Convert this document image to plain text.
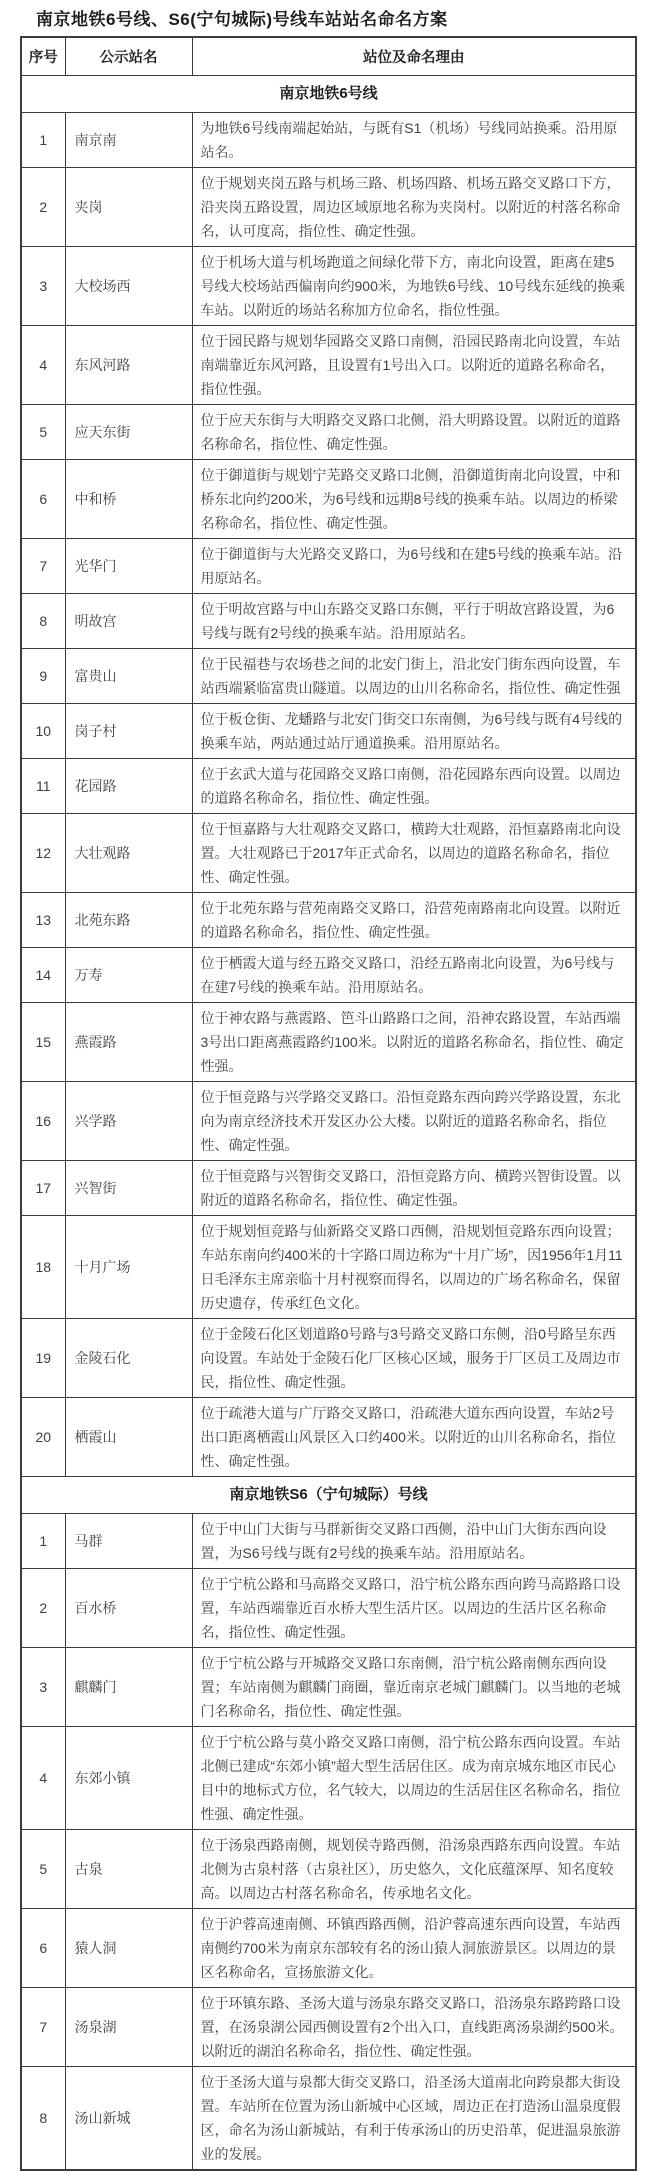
南京地铁6号线、S6(宁句城际)号线车站站名命名方案
序号	公示站名	站位及命名理由
南京地铁6号线		
1	南京南	为地铁6号线南端起始站，与既有S1（机场）号线同站换乘。沿用原站名。
2	夹岗	位于规划夹岗五路与机场三路、机场四路、机场五路交叉路口下方，沿夹岗五路设置，周边区域原地名称为夹岗村。以附近的村落名称命名，认可度高，指位性、确定性强。
3	大校场西	位于机场大道与机场跑道之间绿化带下方，南北向设置，距离在建5号线大校场站西偏南向约900米，为地铁6号线、10号线东延线的换乘车站。以附近的场站名称加方位命名，指位性强。
4	东风河路	位于园民路与规划华园路交叉路口南侧，沿园民路南北向设置，车站南端靠近东风河路，且设置有1号出入口。以附近的道路名称命名，指位性强。
5	应天东街	位于应天东街与大明路交叉路口北侧，沿大明路设置。以附近的道路名称命名，指位性、确定性强。
6	中和桥	位于御道街与规划宁芜路交叉路口北侧，沿御道街南北向设置，中和桥东北向约200米，为6号线和远期8号线的换乘车站。以周边的桥梁名称命名，指位性、确定性强。
7	光华门	位于御道街与大光路交叉路口，为6号线和在建5号线的换乘车站。沿用原站名。
8	明故宫	位于明故宫路与中山东路交叉路口东侧，平行于明故宫路设置，为6号线与既有2号线的换乘车站。沿用原站名。
9	富贵山	位于民福巷与农场巷之间的北安门街上，沿北安门街东西向设置，车站西端紧临富贵山隧道。以周边的山川名称命名，指位性、确定性强
10	岗子村	位于板仓街、龙蟠路与北安门街交口东南侧，为6号线与既有4号线的换乘车站，两站通过站厅通道换乘。沿用原站名。
11	花园路	位于玄武大道与花园路交叉路口南侧，沿花园路东西向设置。以周边的道路名称命名，指位性、确定性强。
12	大壮观路	位于恒嘉路与大壮观路交叉路口，横跨大壮观路，沿恒嘉路南北向设置。大壮观路已于2017年正式命名，以周边的道路名称命名，指位性、确定性强。
13	北苑东路	位于北苑东路与营苑南路交叉路口，沿营苑南路南北向设置。以附近的道路名称命名，指位性、确定性强。
14	万寿	位于栖霞大道与经五路交叉路口，沿经五路南北向设置，为6号线与在建7号线的换乘车站。沿用原站名。
15	燕霞路	位于神农路与燕霞路、笆斗山路路口之间，沿神农路设置，车站西端3号出口距离燕霞路约100米。以附近的道路名称命名，指位性、确定性强。
16	兴学路	位于恒竞路与兴学路交叉路口。沿恒竞路东西向跨兴学路设置，东北向为南京经济技术开发区办公大楼。以附近的道路名称命名，指位性、确定性强。
17	兴智街	位于恒竞路与兴智街交叉路口，沿恒竞路方向、横跨兴智街设置。以附近的道路名称命名，指位性、确定性强。
18	十月广场	位于规划恒竞路与仙新路交叉路口西侧，沿规划恒竞路东西向设置；车站东南向约400米的十字路口周边称为“十月广场”，因1956年1月11日毛泽东主席亲临十月村视察而得名，以周边的广场名称命名，保留历史遗存，传承红色文化。
19	金陵石化	位于金陵石化区划道路0号路与3号路交叉路口东侧，沿0号路呈东西向设置。车站处于金陵石化厂区核心区域，服务于厂区员工及周边市民，指位性、确定性强。
20	栖霞山	位于疏港大道与广厅路交叉路口，沿疏港大道东西向设置，车站2号出口距离栖霞山风景区入口约400米。以附近的山川名称命名，指位性、确定性强。
南京地铁S6（宁句城际）号线		
1	马群	位于中山门大街与马群新街交叉路口西侧，沿中山门大街东西向设置，为S6号线与既有2号线的换乘车站。沿用原站名。
2	百水桥	位于宁杭公路和马高路交叉路口，沿宁杭公路东西向跨马高路路口设置，车站西端靠近百水桥大型生活片区。以周边的生活片区名称命名，指位性、确定性强。
3	麒麟门	位于宁杭公路与开城路交叉路口东南侧，沿宁杭公路南侧东西向设置；车站南侧为麒麟门商圈，靠近南京老城门麒麟门。以当地的老城门名称命名，指位性、确定性强。
4	东郊小镇	位于宁杭公路与莫小路交叉路口南侧，沿宁杭公路东西向设置。车站北侧已建成“东郊小镇”超大型生活居住区。成为南京城东地区市民心目中的地标式方位，名气较大，以周边的生活居住区名称命名，指位性强、确定性强。
5	古泉	位于汤泉西路南侧，规划侯寺路西侧，沿汤泉西路东西向设置。车站北侧为古泉村落（古泉社区），历史悠久，文化底蕴深厚、知名度较高。以周边古村落名称命名，传承地名文化。
6	猿人洞	位于沪蓉高速南侧、环镇西路西侧，沿沪蓉高速东西向设置，车站西南侧约700米为南京东部较有名的汤山猿人洞旅游景区。以周边的景区名称命名，宣扬旅游文化。
7	汤泉湖	位于环镇东路、圣汤大道与汤泉东路交叉路口，沿汤泉东路跨路口设置，在汤泉湖公园西侧设置有2个出入口，直线距离汤泉湖约500米。以附近的湖泊名称命名，指位性、确定性强。
8	汤山新城	位于圣汤大道与泉都大街交叉路口，沿圣汤大道南北向跨泉都大街设置。车站所在位置为汤山新城中心区域，周边正在打造汤山温泉度假区，命名为汤山新城站，有利于传承汤山的历史沿革，促进温泉旅游业的发展。
